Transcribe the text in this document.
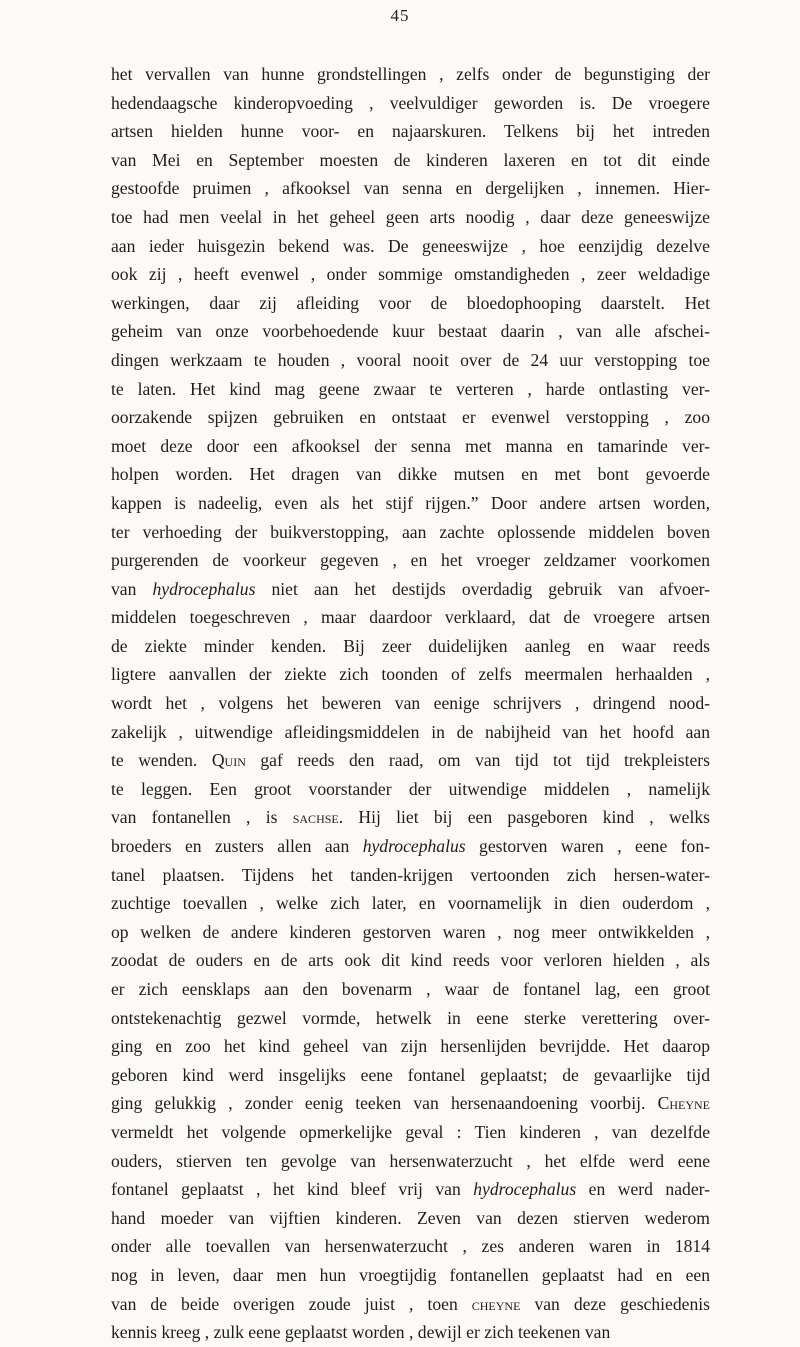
45
het vervallen van hunne grondstellingen , zelfs onder de begunstiging der
hedendaagsche kinderopvoeding , veelvuldiger geworden is. De vroegere
artsen hielden hunne voor- en najaarskuren. Telkens bij het intreden
van Mei en September moesten de kinderen laxeren en tot dit einde
gestoofde pruimen , afkooksel van senna en dergelijken , innemen. Hier-
toe had men veelal in het geheel geen arts noodig , daar deze geneeswijze
aan ieder huisgezin bekend was. De geneeswijze , hoe eenzijdig dezelve
ook zij , heeft evenwel , onder sommige omstandigheden , zeer weldadige
werkingen, daar zij afleiding voor de bloedophooping daarstelt. Het
geheim van onze voorbehoedende kuur bestaat daarin , van alle afschei-
dingen werkzaam te houden , vooral nooit over de 24 uur verstopping toe
te laten. Het kind mag geene zwaar te verteren , harde ontlasting ver-
oorzakende spijzen gebruiken en ontstaat er evenwel verstopping , zoo
moet deze door een afkooksel der senna met manna en tamarinde ver-
holpen worden. Het dragen van dikke mutsen en met bont gevoerde
kappen is nadeelig, even als het stijf rijgen.” Door andere artsen worden,
ter verhoeding der buikverstopping, aan zachte oplossende middelen boven
purgerenden de voorkeur gegeven , en het vroeger zeldzamer voorkomen
van hydrocephalus niet aan het destijds overdadig gebruik van afvoer-
middelen toegeschreven , maar daardoor verklaard, dat de vroegere artsen
de ziekte minder kenden. Bij zeer duidelijken aanleg en waar reeds
ligtere aanvallen der ziekte zich toonden of zelfs meermalen herhaalden ,
wordt het , volgens het beweren van eenige schrijvers , dringend nood-
zakelijk , uitwendige afleidingsmiddelen in de nabijheid van het hoofd aan
te wenden. Quin gaf reeds den raad, om van tijd tot tijd trekpleisters
te leggen. Een groot voorstander der uitwendige middelen , namelijk
van fontanellen , is sachse. Hij liet bij een pasgeboren kind , welks
broeders en zusters allen aan hydrocephalus gestorven waren , eene fon-
tanel plaatsen. Tijdens het tanden-krijgen vertoonden zich hersen-water-
zuchtige toevallen , welke zich later, en voornamelijk in dien ouderdom ,
op welken de andere kinderen gestorven waren , nog meer ontwikkelden ,
zoodat de ouders en de arts ook dit kind reeds voor verloren hielden , als
er zich eensklaps aan den bovenarm , waar de fontanel lag, een groot
ontstekenachtig gezwel vormde, hetwelk in eene sterke verettering over-
ging en zoo het kind geheel van zijn hersenlijden bevrijdde. Het daarop
geboren kind werd insgelijks eene fontanel geplaatst; de gevaarlijke tijd
ging gelukkig , zonder eenig teeken van hersenaandoening voorbij. Cheyne
vermeldt het volgende opmerkelijke geval : Tien kinderen , van dezelfde
ouders, stierven ten gevolge van hersenwaterzucht , het elfde werd eene
fontanel geplaatst , het kind bleef vrij van hydrocephalus en werd nader-
hand moeder van vijftien kinderen. Zeven van dezen stierven wederom
onder alle toevallen van hersenwaterzucht , zes anderen waren in 1814
nog in leven, daar men hun vroegtijdig fontanellen geplaatst had en een
van de beide overigen zoude juist , toen cheyne van deze geschiedenis
kennis kreeg , zulk eene geplaatst worden , dewijl er zich teekenen van
